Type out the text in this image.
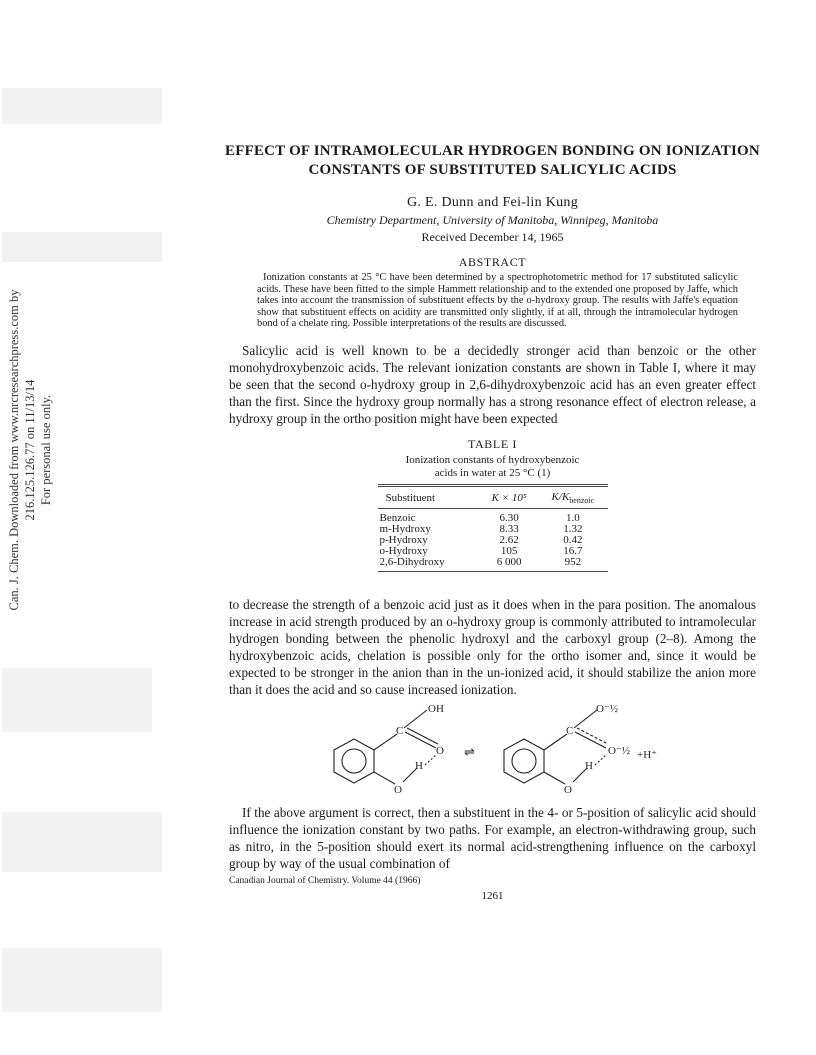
Can. J. Chem. Downloaded from www.nrcresearchpress.com by 216.125.126.77 on 11/13/14 For personal use only.
EFFECT OF INTRAMOLECULAR HYDROGEN BONDING ON IONIZATION
CONSTANTS OF SUBSTITUTED SALICYLIC ACIDS
G. E. Dunn and Fei-lin Kung
Chemistry Department, University of Manitoba, Winnipeg, Manitoba
Received December 14, 1965
ABSTRACT
Ionization constants at 25 °C have been determined by a spectrophotometric method for 17 substituted salicylic acids. These have been fitted to the simple Hammett relationship and to the extended one proposed by Jaffe, which takes into account the transmission of substituent effects by the o-hydroxy group. The results with Jaffe's equation show that substituent effects on acidity are transmitted only slightly, if at all, through the intramolecular hydrogen bond of a chelate ring. Possible interpretations of the results are discussed.
Salicylic acid is well known to be a decidedly stronger acid than benzoic or the other monohydroxybenzoic acids. The relevant ionization constants are shown in Table I, where it may be seen that the second o-hydroxy group in 2,6-dihydroxybenzoic acid has an even greater effect than the first. Since the hydroxy group normally has a strong resonance effect of electron release, a hydroxy group in the ortho position might have been expected
TABLE I
Ionization constants of hydroxybenzoic
acids in water at 25 °C (1)
Substituent	K × 10⁵	$K/K_{benzoic}$
Benzoic	6.30	1.0
m-Hydroxy	8.33	1.32
p-Hydroxy	2.62	0.42
o-Hydroxy	105	16.7
2,6-Dihydroxy	6 000	952
to decrease the strength of a benzoic acid just as it does when in the para position. The anomalous increase in acid strength produced by an o-hydroxy group is commonly attributed to intramolecular hydrogen bonding between the phenolic hydroxyl and the carboxyl group (2–8). Among the hydroxybenzoic acids, chelation is possible only for the ortho isomer and, since it would be expected to be stronger in the anion than in the un-ionized acid, it should stabilize the anion more than it does the acid and so cause increased ionization.
OH
C
O
H
O
⇌
O⁻½
C
O⁻½
H
O
+H⁺
If the above argument is correct, then a substituent in the 4- or 5-position of salicylic acid should influence the ionization constant by two paths. For example, an electron-withdrawing group, such as nitro, in the 5-position should exert its normal acid-strengthening influence on the carboxyl group by way of the usual combination of
Canadian Journal of Chemistry. Volume 44 (1966)
1261
